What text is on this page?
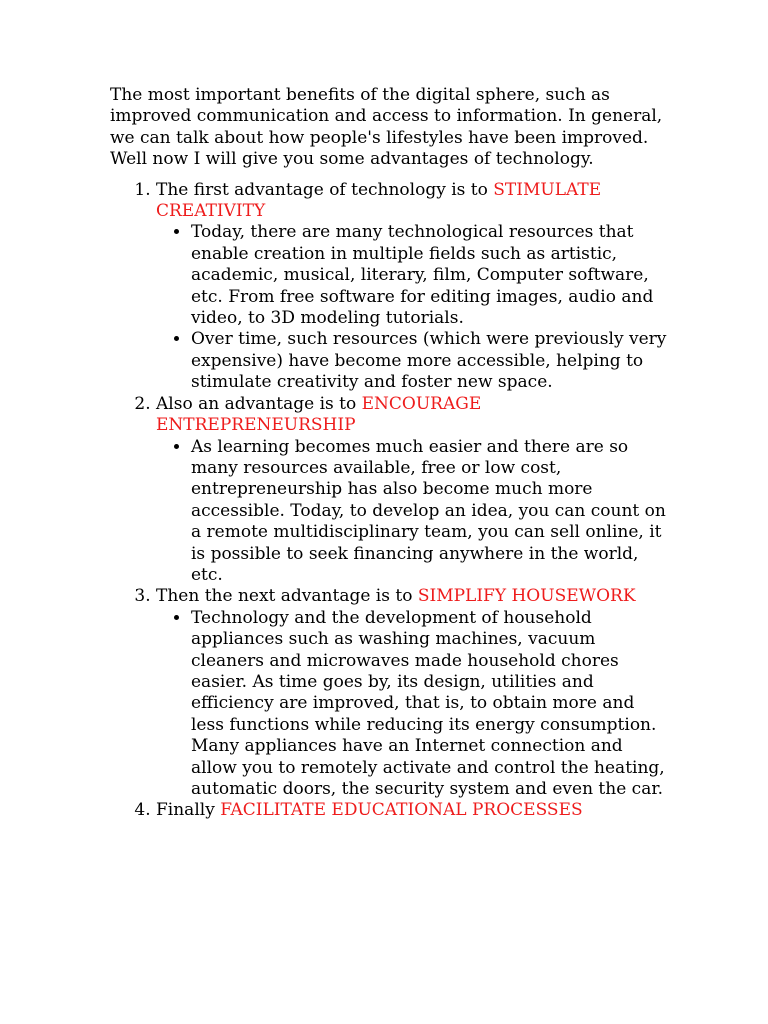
The most important benefits of the digital sphere, such as improved communication and access to information. In general, we can talk about how people's lifestyles have been improved. Well now I will give you some advantages of technology.

1. The first advantage of technology is to STIMULATE CREATIVITY
• Today, there are many technological resources that enable creation in multiple fields such as artistic, academic, musical, literary, film, Computer software, etc. From free software for editing images, audio and video, to 3D modeling tutorials.
• Over time, such resources (which were previously very expensive) have become more accessible, helping to stimulate creativity and foster new space.
2. Also an advantage is to ENCOURAGE ENTREPRENEURSHIP
• As learning becomes much easier and there are so many resources available, free or low cost, entrepreneurship has also become much more accessible. Today, to develop an idea, you can count on a remote multidisciplinary team, you can sell online, it is possible to seek financing anywhere in the world, etc.
3. Then the next advantage is to SIMPLIFY HOUSEWORK
• Technology and the development of household appliances such as washing machines, vacuum cleaners and microwaves made household chores easier. As time goes by, its design, utilities and efficiency are improved, that is, to obtain more and less functions while reducing its energy consumption. Many appliances have an Internet connection and allow you to remotely activate and control the heating, automatic doors, the security system and even the car.
4. Finally FACILITATE EDUCATIONAL PROCESSES
